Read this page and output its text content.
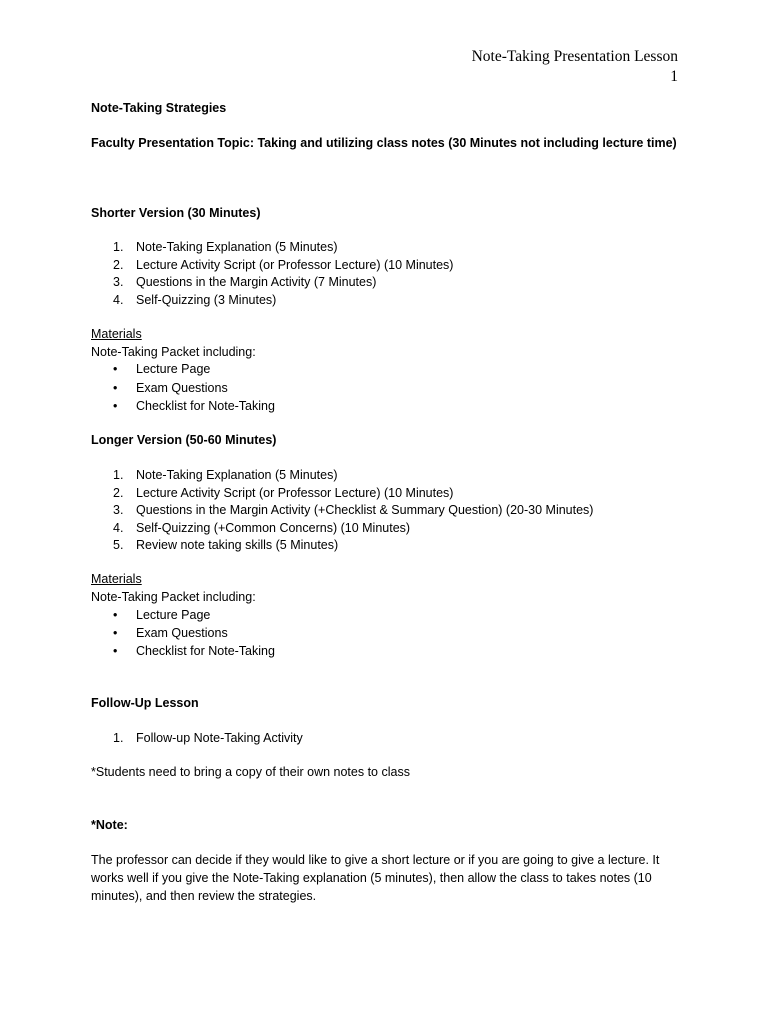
Note-Taking Presentation Lesson
1
Note-Taking Strategies
Faculty Presentation Topic: Taking and utilizing class notes (30 Minutes not including lecture time)
Shorter Version (30 Minutes)
1. Note-Taking Explanation (5 Minutes)
2. Lecture Activity Script (or Professor Lecture) (10 Minutes)
3. Questions in the Margin Activity (7 Minutes)
4. Self-Quizzing (3 Minutes)
Materials
Note-Taking Packet including:
• Lecture Page
• Exam Questions
• Checklist for Note-Taking
Longer Version (50-60 Minutes)
1. Note-Taking Explanation (5 Minutes)
2. Lecture Activity Script (or Professor Lecture) (10 Minutes)
3. Questions in the Margin Activity (+Checklist & Summary Question) (20-30 Minutes)
4. Self-Quizzing (+Common Concerns) (10 Minutes)
5. Review note taking skills (5 Minutes)
Materials
Note-Taking Packet including:
• Lecture Page
• Exam Questions
• Checklist for Note-Taking
Follow-Up Lesson
1. Follow-up Note-Taking Activity
*Students need to bring a copy of their own notes to class
*Note:
The professor can decide if they would like to give a short lecture or if you are going to give a lecture. It works well if you give the Note-Taking explanation (5 minutes), then allow the class to takes notes (10 minutes), and then review the strategies.
